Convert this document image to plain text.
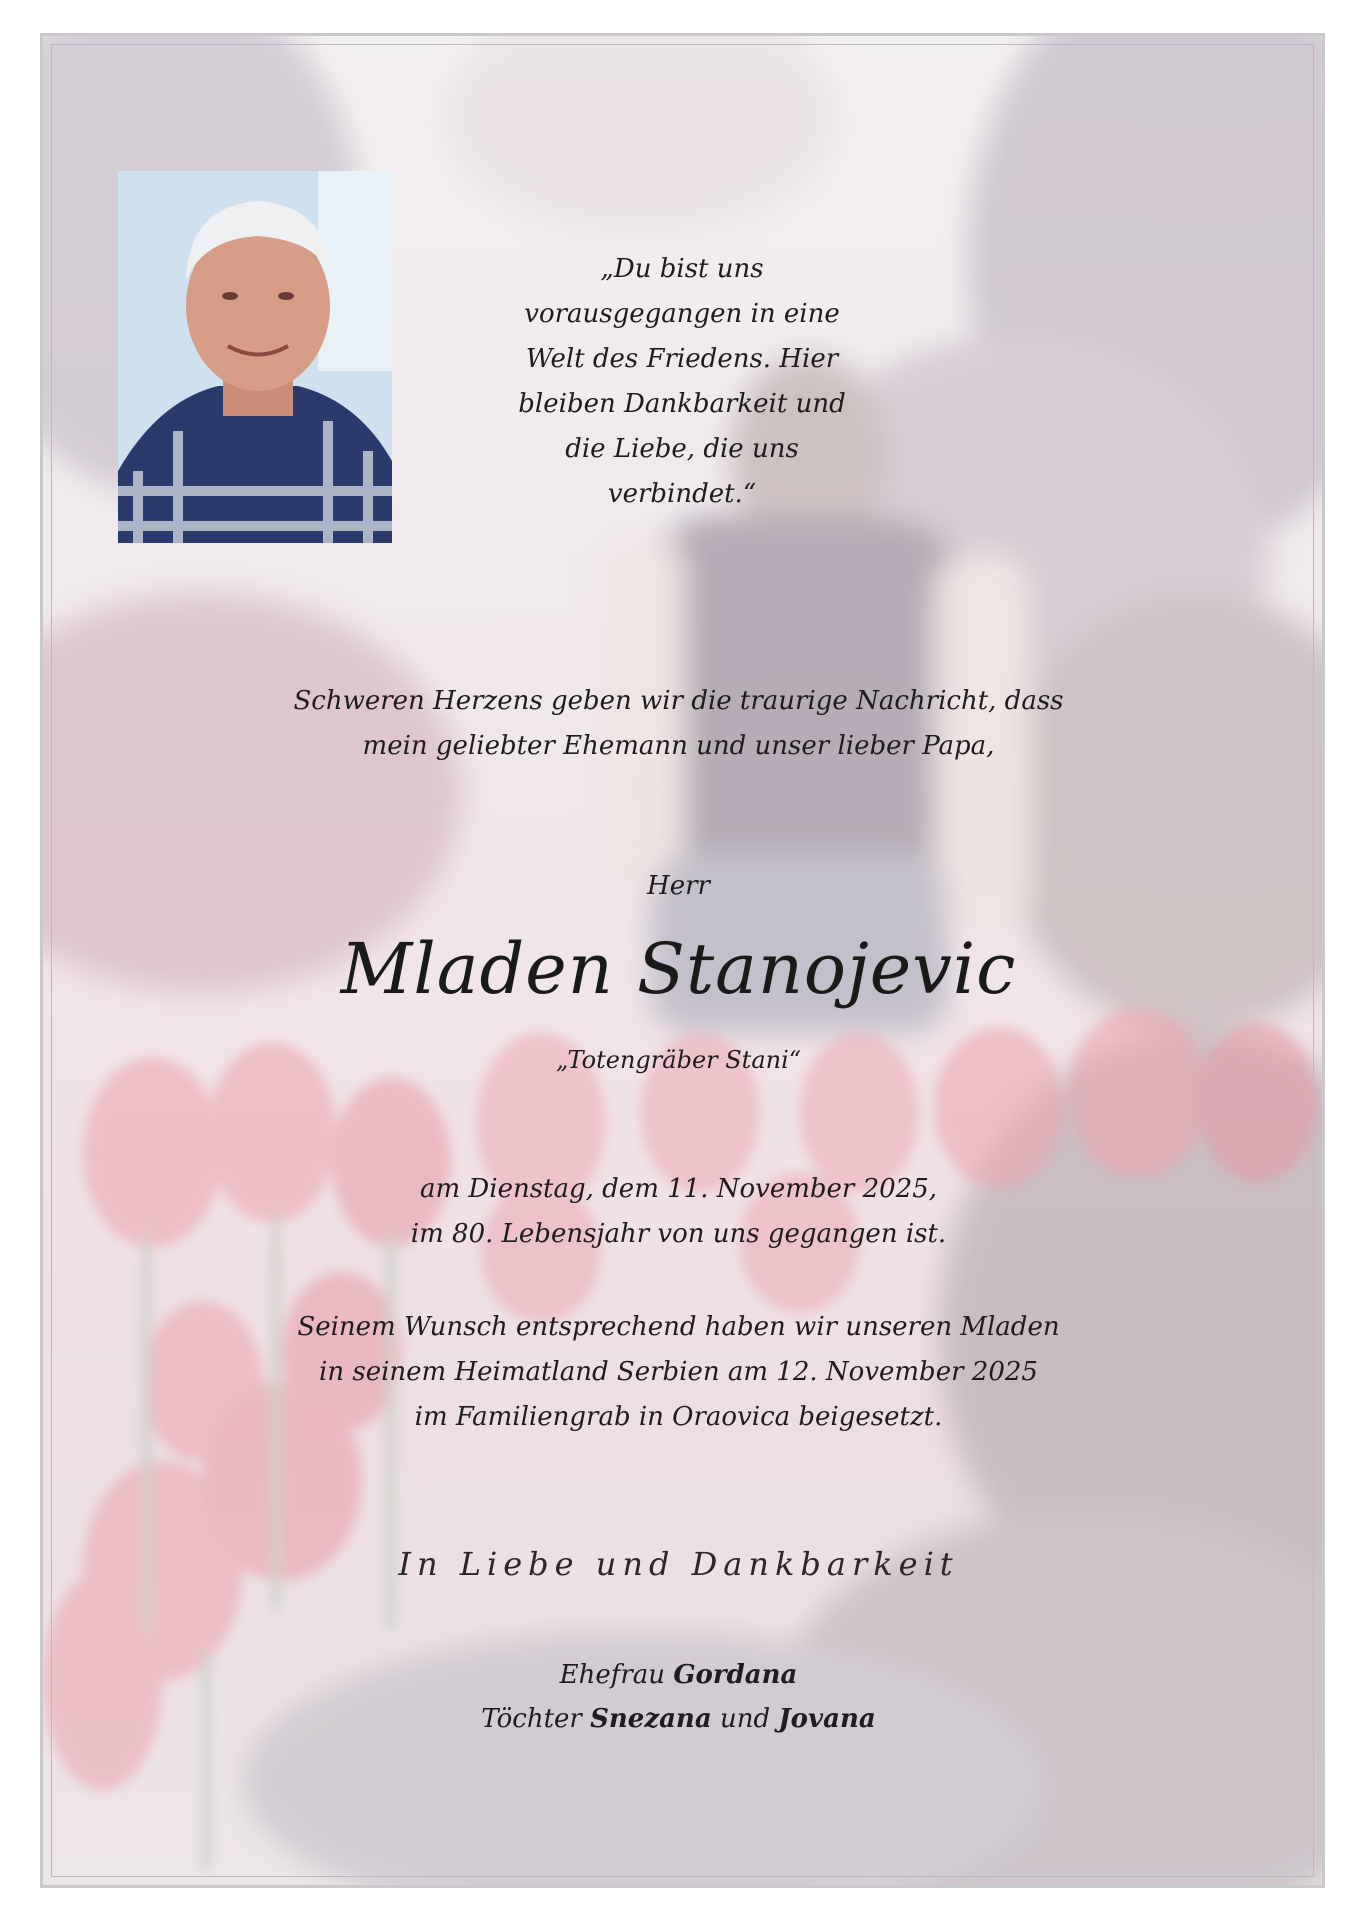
„Du bist uns
vorausgegangen in eine
Welt des Friedens. Hier
bleiben Dankbarkeit und
die Liebe, die uns
verbindet.“
Schweren Herzens geben wir die traurige Nachricht, dass
mein geliebter Ehemann und unser lieber Papa,
Herr
Mladen Stanojevic
„Totengräber Stani“
am Dienstag, dem 11. November 2025,
im 80. Lebensjahr von uns gegangen ist.
Seinem Wunsch entsprechend haben wir unseren Mladen
in seinem Heimatland Serbien am 12. November 2025
im Familiengrab in Oraovica beigesetzt.
In Liebe und Dankbarkeit
Ehefrau Gordana
Töchter Snezana und Jovana
